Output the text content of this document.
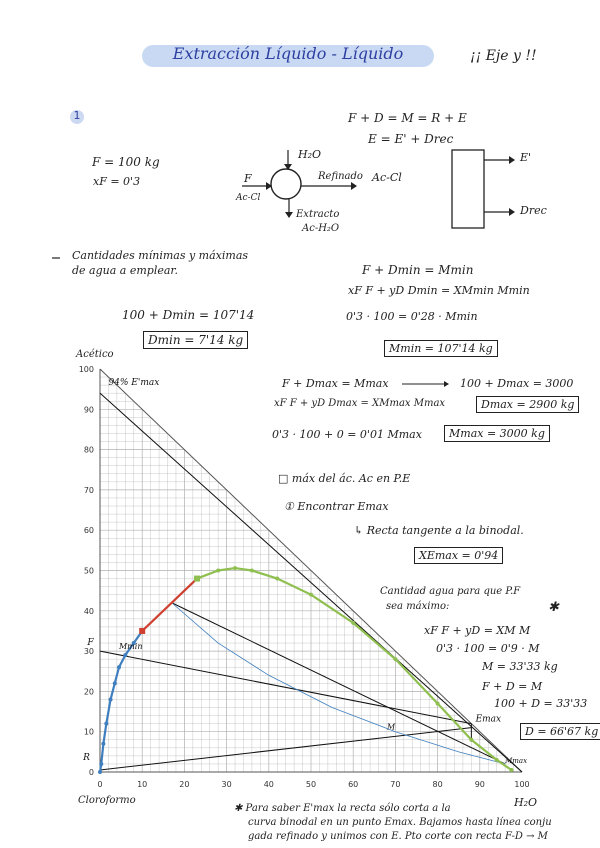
Extracción Líquido - Líquido	¡¡ Eje y !!
1
F = 100 kg
xF = 0'3
H₂O
F
Ac-Cl
Refinado Ac-Cl
Extracto
Ac-H₂O
F + D = M = R + E
E = E' + Drec
E'
Drec
Cantidades mínimas y máximas de agua a emplear.	F + Dmin = Mmin
xF F + yD Dmin = XMmin Mmin
0'3 · 100 = 0'28 · Mmin
Mmin = 107'14 kg
100 + Dmin = 107'14
Dmin = 7'14 kg
F + Dmax = Mmax	100 + Dmax = 3000
xF F + yD Dmax = XMmax Mmax	Dmax = 2900 kg
0'3 · 100 + 0 = 0'01 Mmax	Mmax = 3000 kg
□ máx del ác. Ac en P.E
① Encontrar Emax
↳ Recta tangente a la binodal.
XEmax = 0'94
Cantidad agua para que P.F
sea máximo:	✱
xF F + yD = XM M
0'3 · 100 = 0'9 · M
M = 33'33 kg
F + D = M
100 + D = 33'33
D = 66'67 kg
0	10	20	30	40	50	60	70	80	90	100
0
10
20
30
40
50
60
70
80
90
100
94% E'max
F	Mmin
M
Emax
R	Mmax
Acético
Cloroformo	H₂O
✱ Para saber E'max la recta sólo corta a la
curva binodal en un punto Emax. Bajamos hasta línea conju
gada refinado y unimos con E. Pto corte con recta F-D → M
